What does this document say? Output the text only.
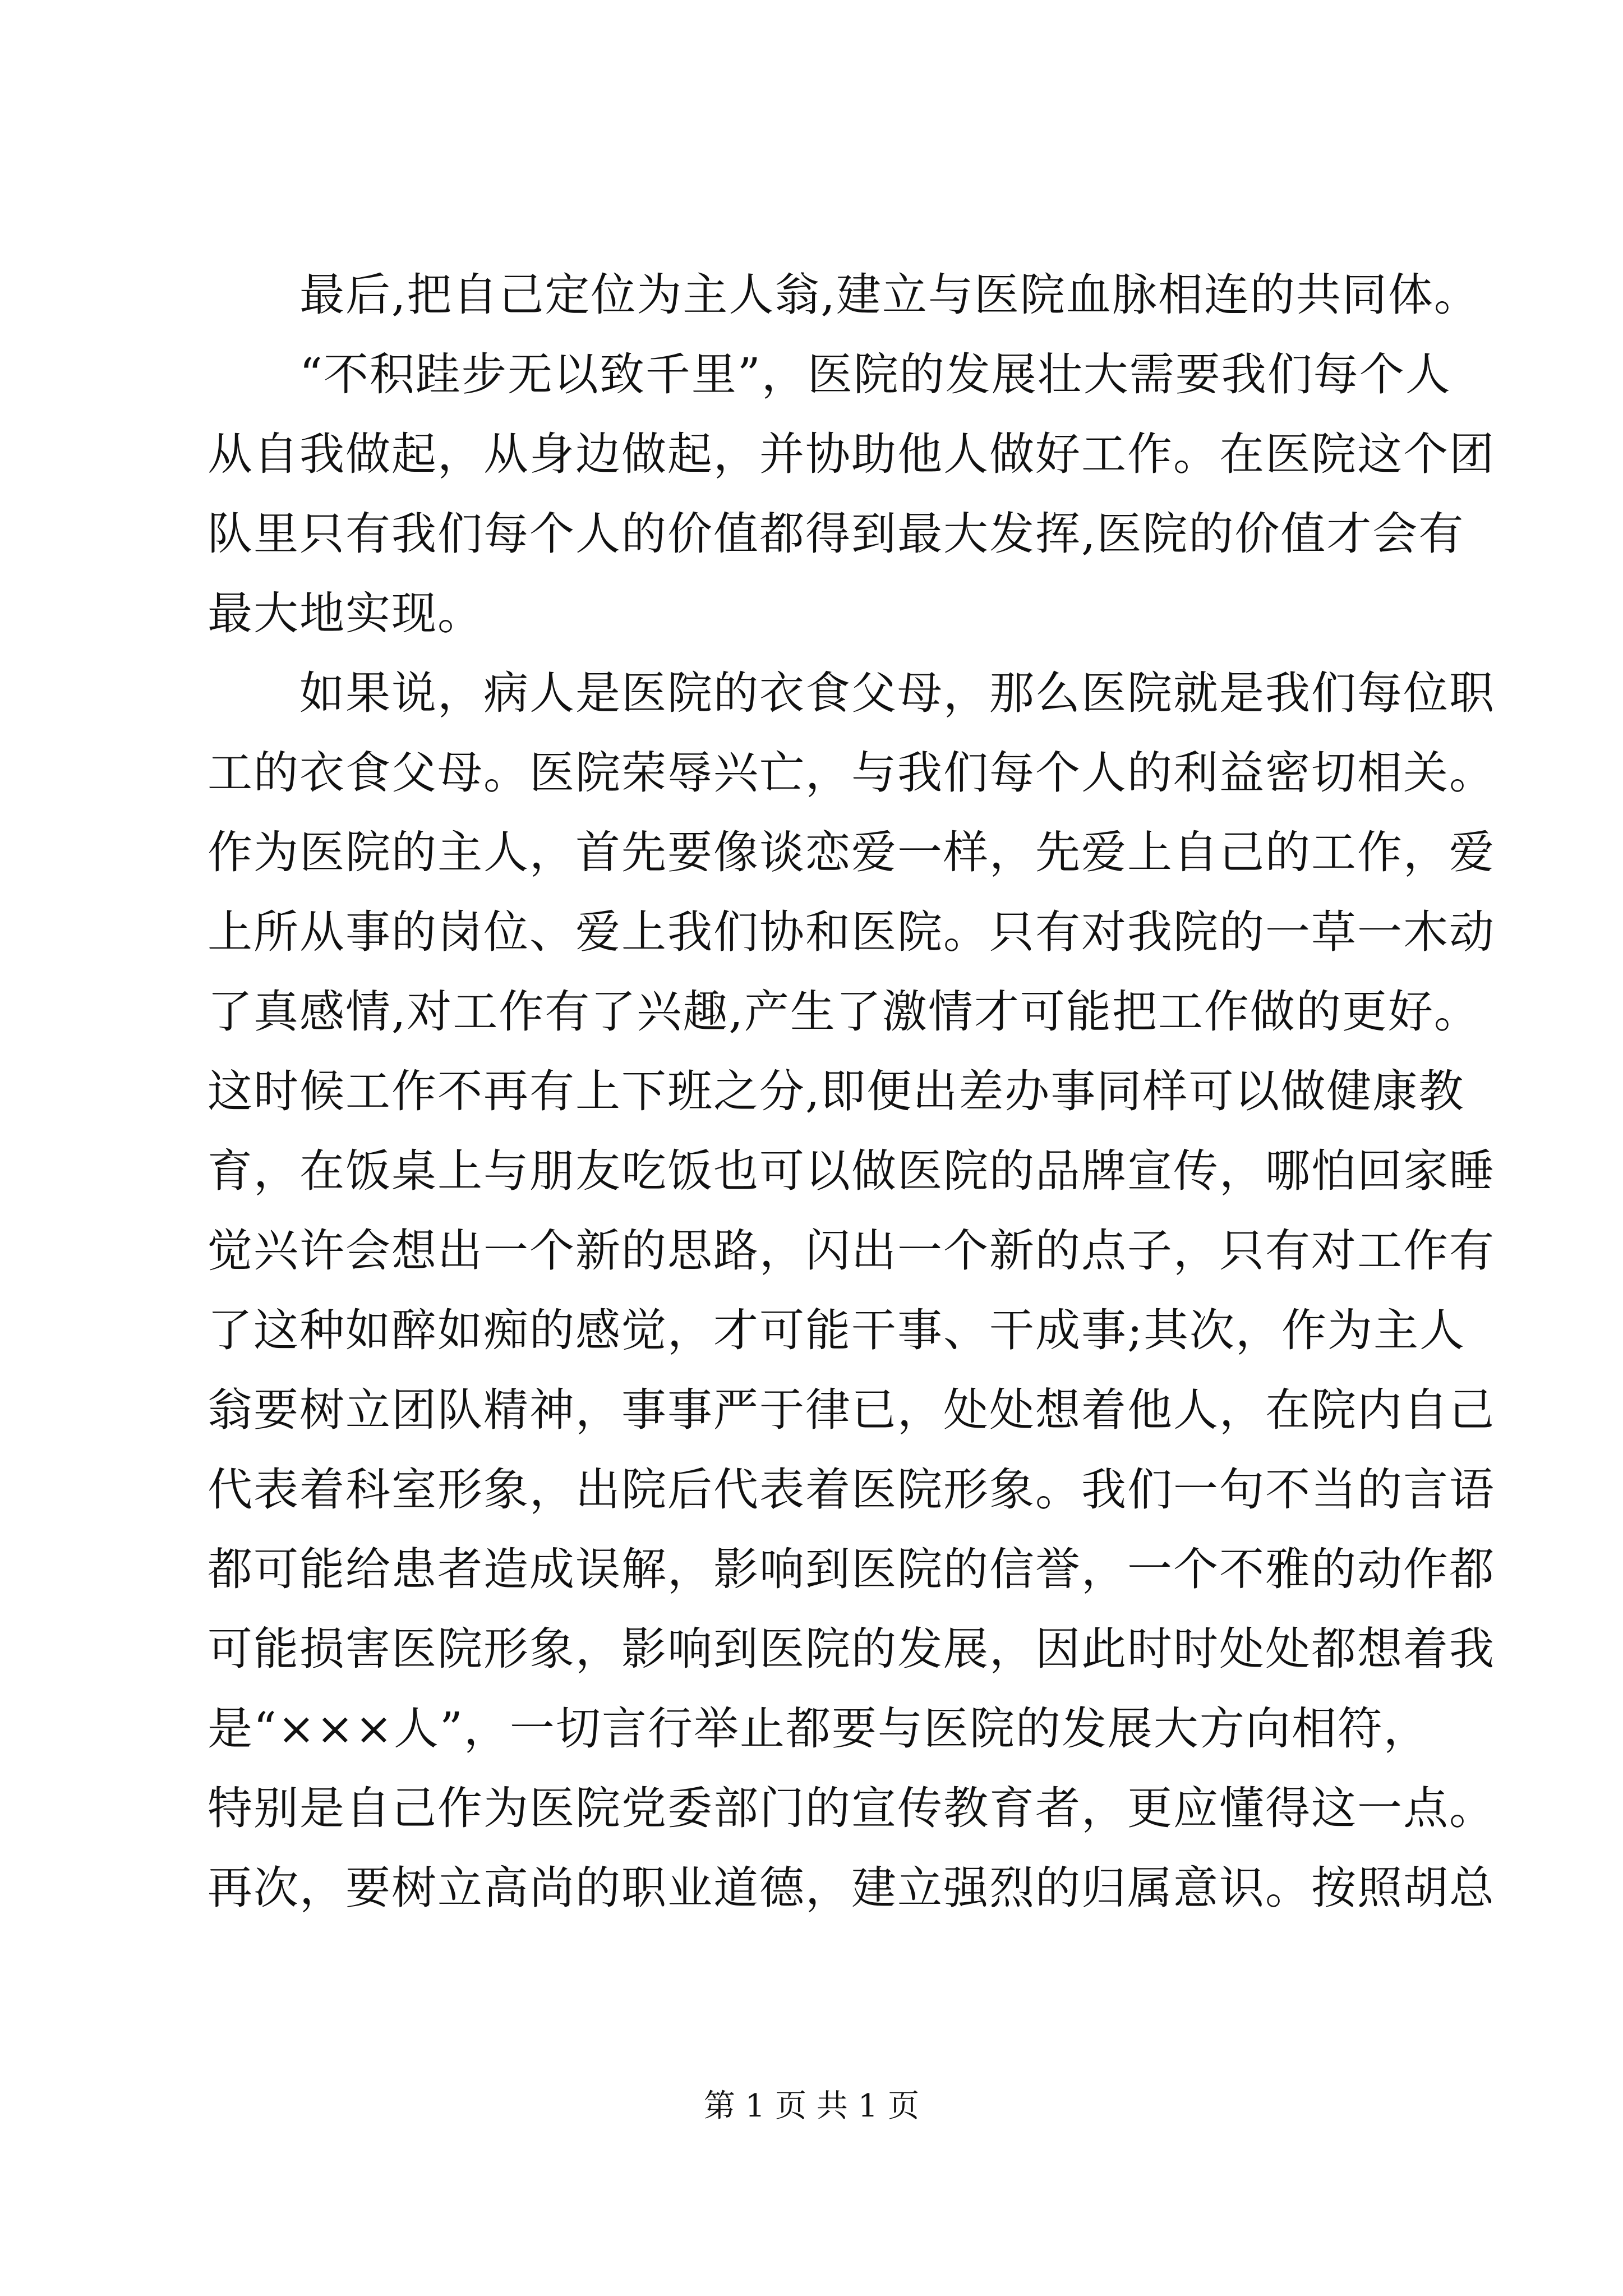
　　最后,把自己定位为主人翁,建立与医院血脉相连的共同体。
　　“不积跬步无以致千里”，医院的发展壮大需要我们每个人
从自我做起，从身边做起，并协助他人做好工作。在医院这个团
队里只有我们每个人的价值都得到最大发挥,医院的价值才会有
最大地实现。
　　如果说，病人是医院的衣食父母，那么医院就是我们每位职
工的衣食父母。医院荣辱兴亡，与我们每个人的利益密切相关。
作为医院的主人，首先要像谈恋爱一样，先爱上自己的工作，爱
上所从事的岗位、爱上我们协和医院。只有对我院的一草一木动
了真感情,对工作有了兴趣,产生了激情才可能把工作做的更好。
这时候工作不再有上下班之分,即便出差办事同样可以做健康教
育，在饭桌上与朋友吃饭也可以做医院的品牌宣传，哪怕回家睡
觉兴许会想出一个新的思路，闪出一个新的点子，只有对工作有
了这种如醉如痴的感觉，才可能干事、干成事;其次，作为主人
翁要树立团队精神，事事严于律已，处处想着他人，在院内自己
代表着科室形象，出院后代表着医院形象。我们一句不当的言语
都可能给患者造成误解，影响到医院的信誉，一个不雅的动作都
可能损害医院形象，影响到医院的发展，因此时时处处都想着我
是“×××人”，一切言行举止都要与医院的发展大方向相符，
特别是自己作为医院党委部门的宣传教育者，更应懂得这一点。
再次，要树立高尚的职业道德，建立强烈的归属意识。按照胡总
第 1 页 共 1 页
